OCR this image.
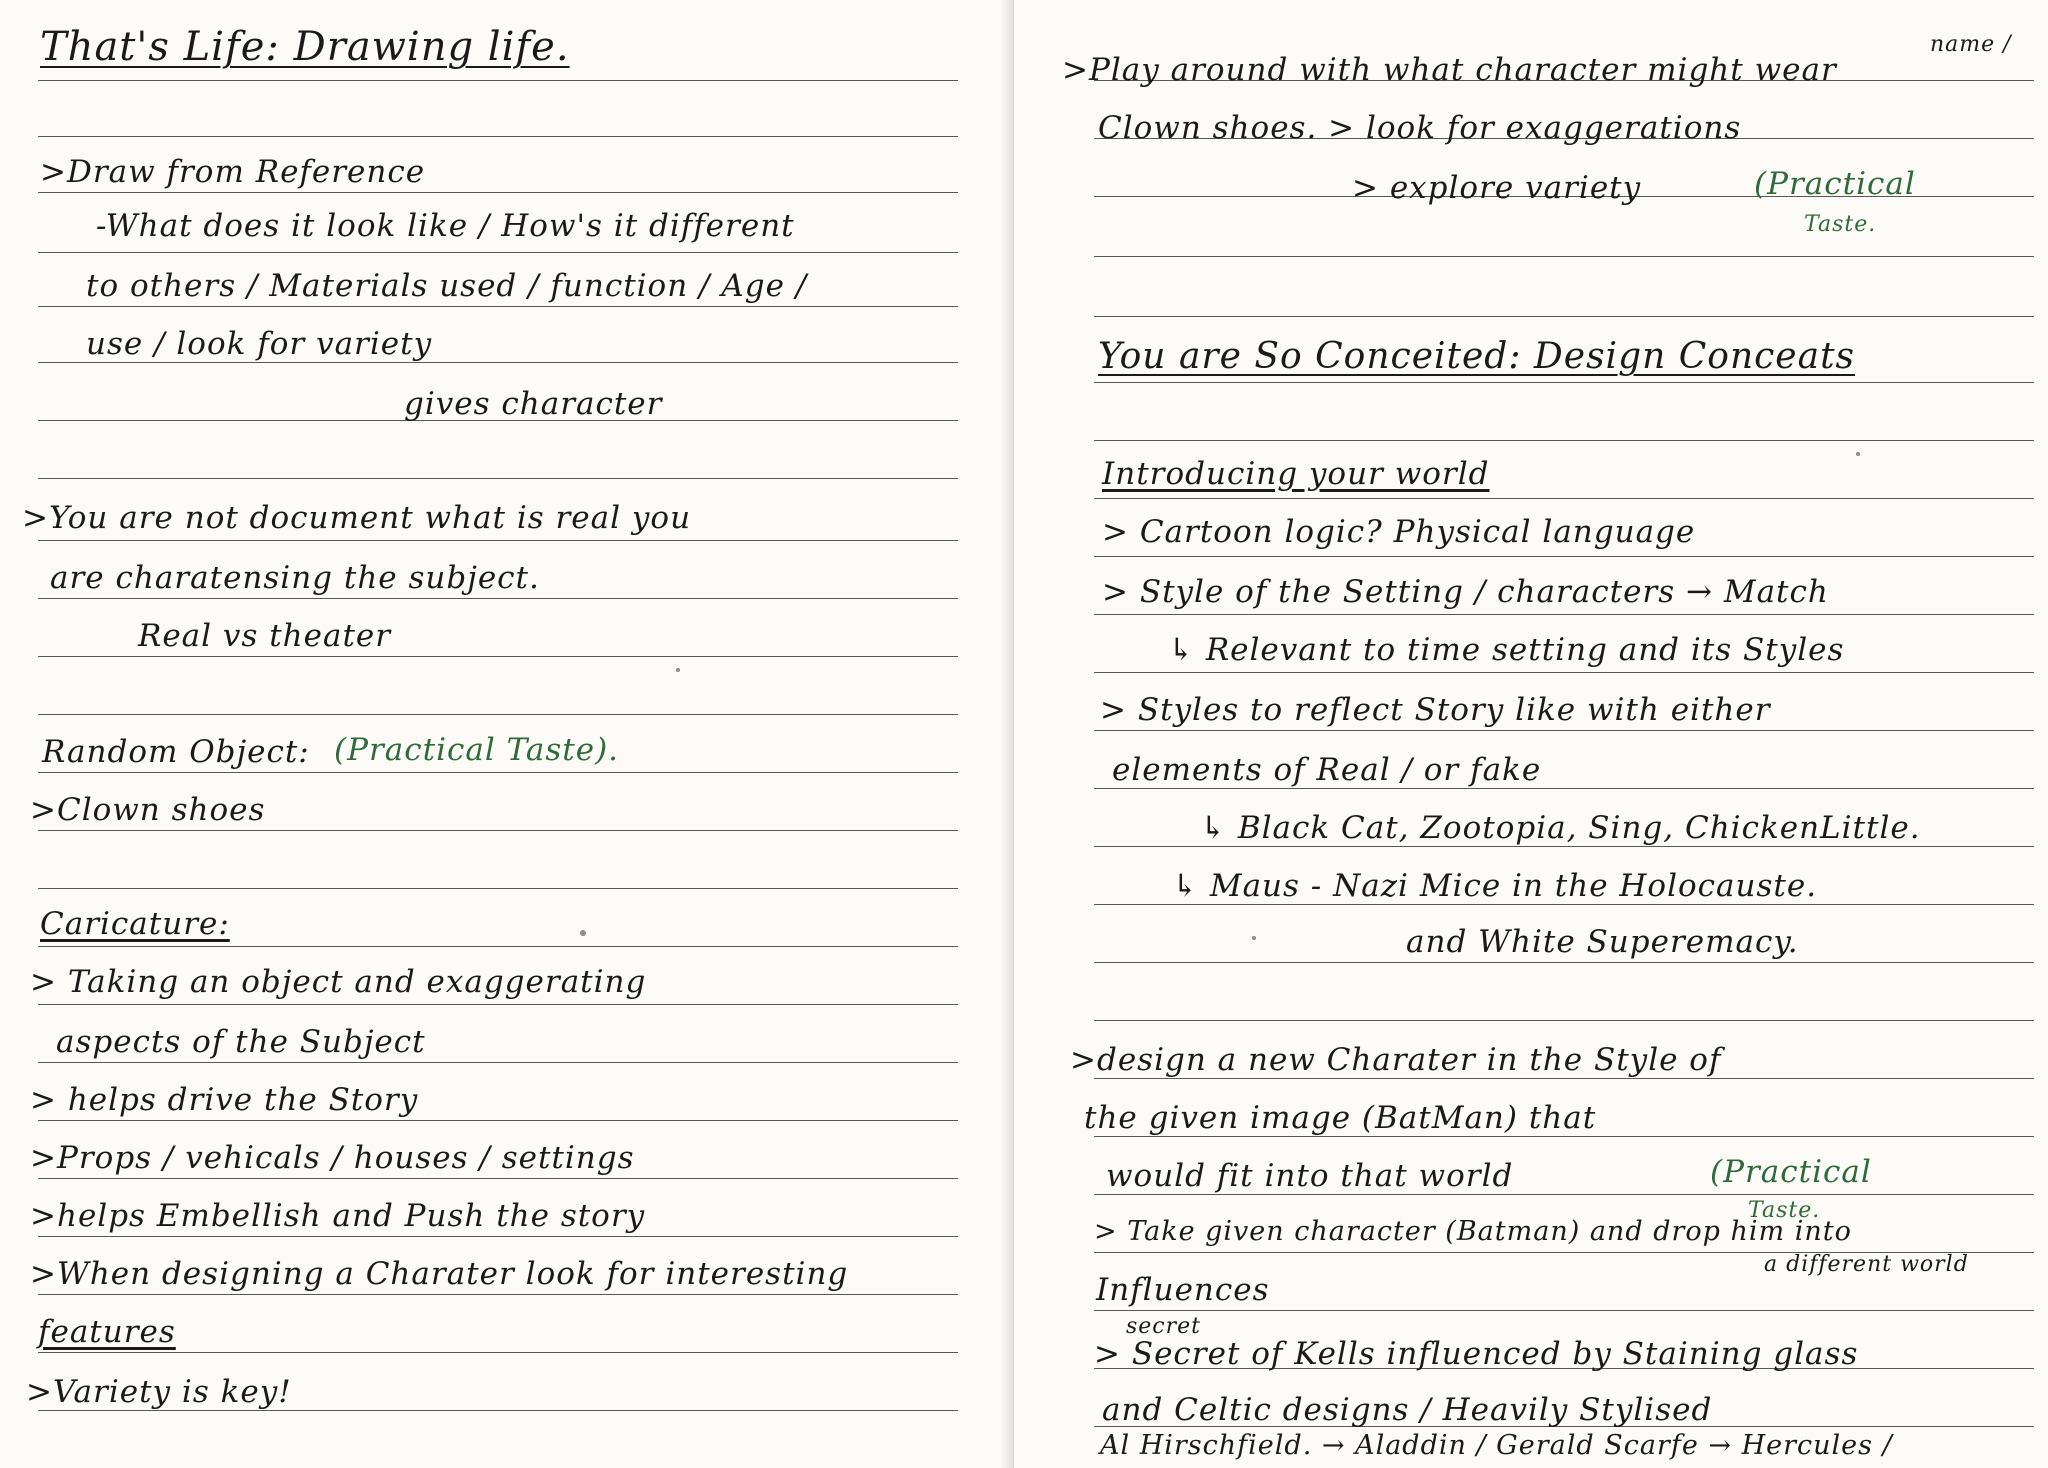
That's Life: Drawing life.
>Draw from Reference
-What does it look like / How's it different
to others / Materials used / function / Age /
use / look for variety
gives character
>You are not document what is real you
are charatensing the subject.
Real vs theater
Random Object: (Practical Taste).
>Clown shoes
Caricature:
> Taking an object and exaggerating
aspects of the Subject
> helps drive the Story
>Props / vehicals / houses / settings
>helps Embellish and Push the story
>When designing a Charater look for interesting
features
>Variety is key!
>Play around with what character might wear
name /
Clown shoes. > look for exaggerations
> explore variety	(Practical
Taste.
You are So Conceited: Design Conceats
Introducing your world
> Cartoon logic? Physical language
> Style of the Setting / characters → Match
↳ Relevant to time setting and its Styles
> Styles to reflect Story like with either
elements of Real / or fake
↳ Black Cat, Zootopia, Sing, ChickenLittle.
↳ Maus - Nazi Mice in the Holocauste.
and White Superemacy.
>design a new Charater in the Style of
the given image (BatMan) that
would fit into that world	(Practical
Taste.
> Take given character (Batman) and drop him into
a different world
Influences
secret
> Secret of Kells influenced by Staining glass
and Celtic designs / Heavily Stylised
Al Hirschfield. → Aladdin / Gerald Scarfe → Hercules /
